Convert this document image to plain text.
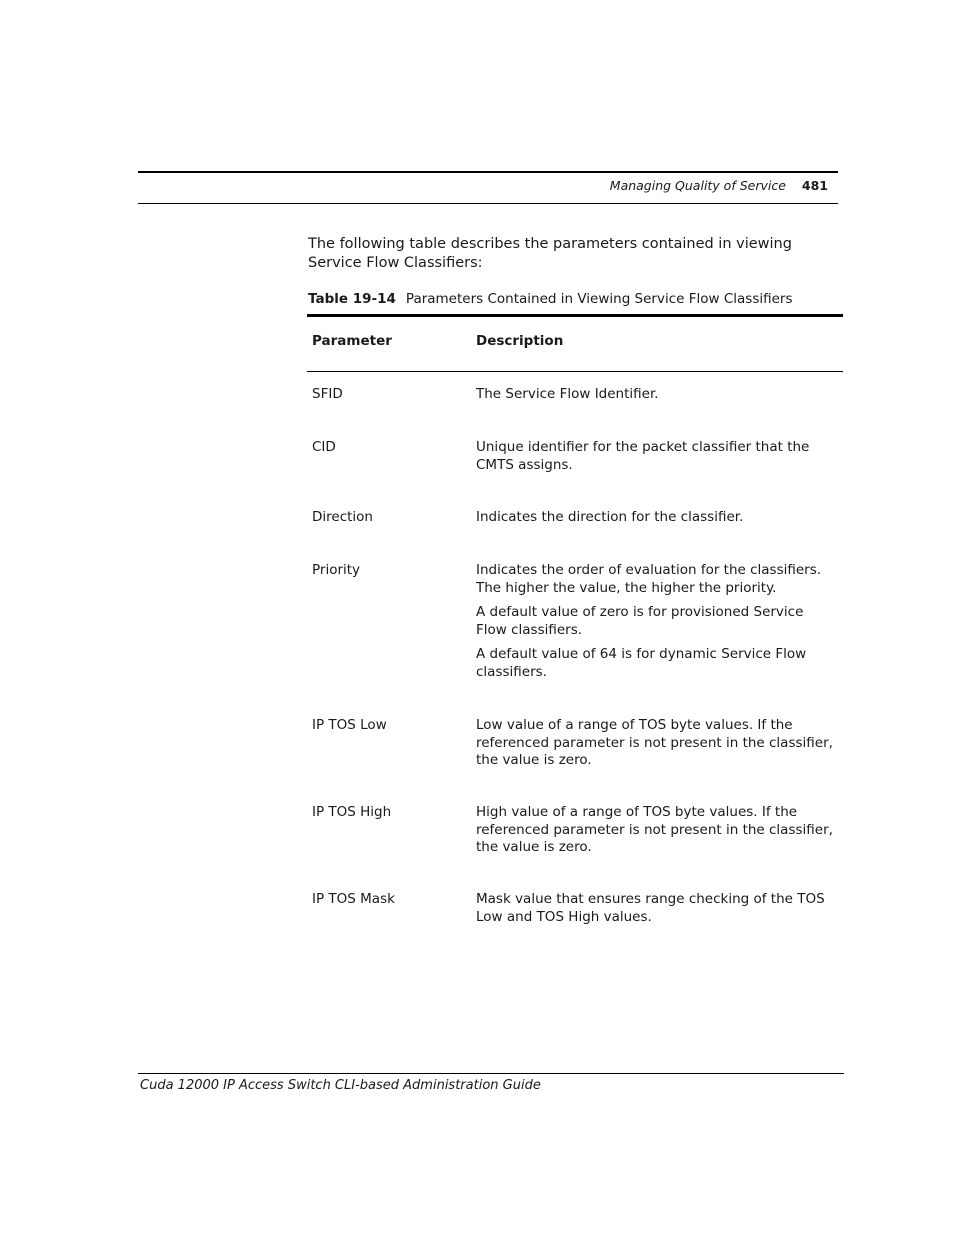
Managing Quality of Service 481
The following table describes the parameters contained in viewing Service Flow Classifiers:
Table 19-14 Parameters Contained in Viewing Service Flow Classifiers
Parameter	Description
SFID	The Service Flow Identifier.

CID	Unique identifier for the packet classifier that the CMTS assigns.

Direction	Indicates the direction for the classifier.

Priority	Indicates the order of evaluation for the classifiers. The higher the value, the higher the priority.

A default value of zero is for provisioned Service Flow classifiers.

A default value of 64 is for dynamic Service Flow classifiers.

IP TOS Low	Low value of a range of TOS byte values. If the referenced parameter is not present in the classifier, the value is zero.

IP TOS High	High value of a range of TOS byte values. If the referenced parameter is not present in the classifier, the value is zero.

IP TOS Mask	Mask value that ensures range checking of the TOS Low and TOS High values.

Cuda 12000 IP Access Switch CLI-based Administration Guide
